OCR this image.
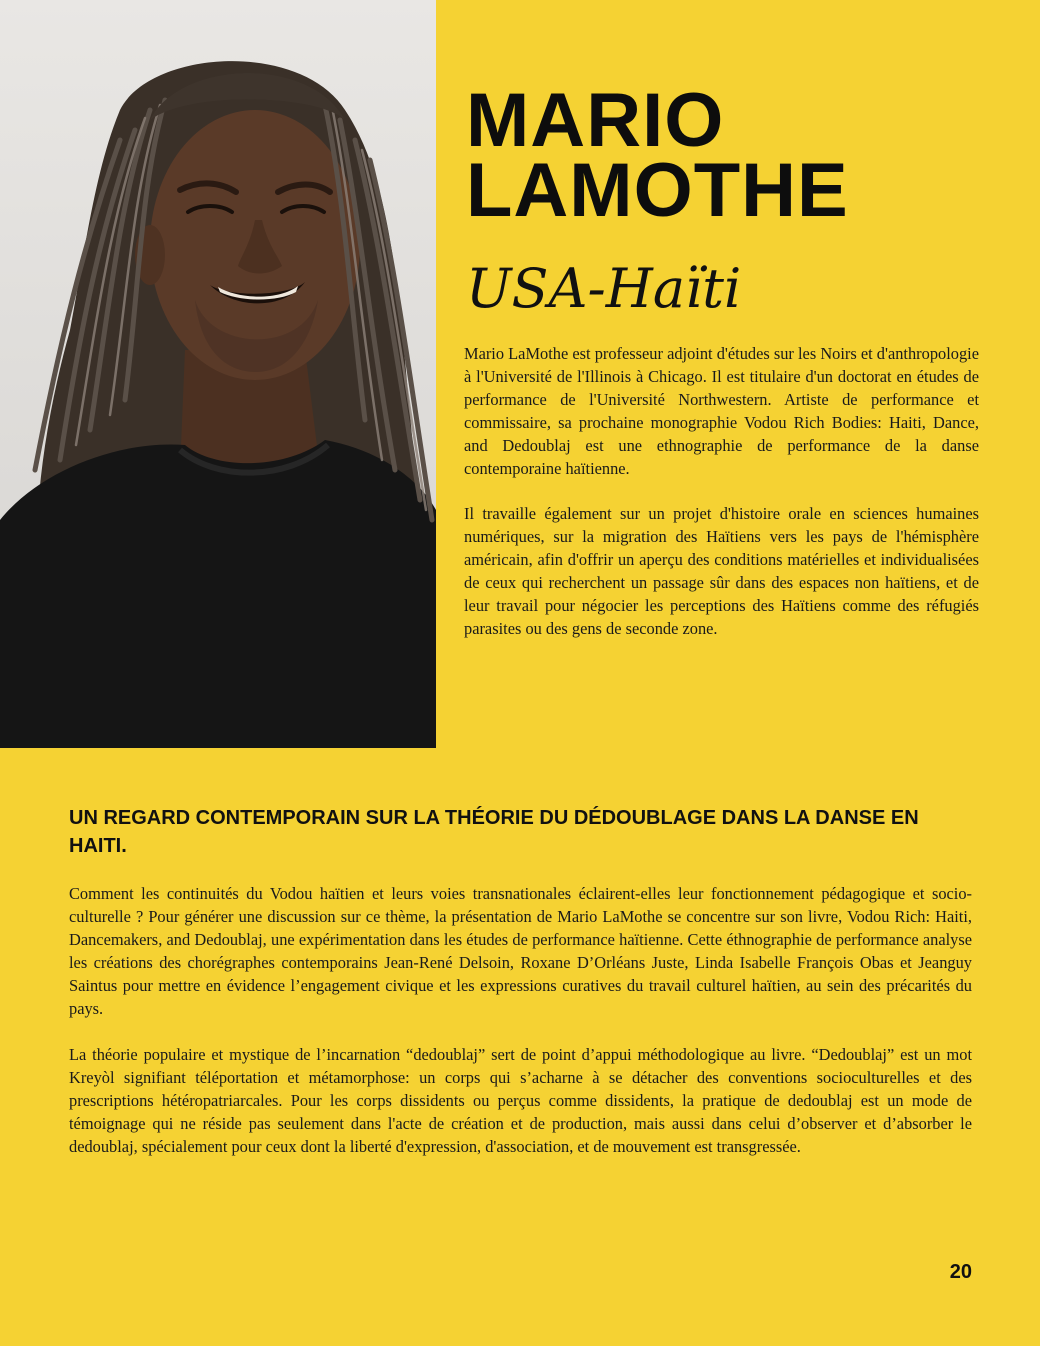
MARIO
LAMOTHE
USA-Haïti

Mario LaMothe est professeur adjoint d'études sur les Noirs et d'anthropologie à l'Université de l'Illinois à Chicago. Il est titulaire d'un doctorat en études de performance de l'Université Northwestern. Artiste de performance et commissaire, sa prochaine monographie Vodou Rich Bodies: Haiti, Dance, and Dedoublaj est une ethnographie de performance de la danse contemporaine haïtienne.

Il travaille également sur un projet d'histoire orale en sciences humaines numériques, sur la migration des Haïtiens vers les pays de l'hémisphère américain, afin d'offrir un aperçu des conditions matérielles et individualisées de ceux qui recherchent un passage sûr dans des espaces non haïtiens, et de leur travail pour négocier les perceptions des Haïtiens comme des réfugiés parasites ou des gens de seconde zone.

UN REGARD CONTEMPORAIN SUR LA THÉORIE DU DÉDOUBLAGE DANS LA DANSE EN HAITI.

Comment les continuités du Vodou haïtien et leurs voies transnationales éclairent-elles leur fonctionnement pédagogique et socio-culturelle ? Pour générer une discussion sur ce thème, la présentation de Mario LaMothe se concentre sur son livre, Vodou Rich: Haiti, Dancemakers, and Dedoublaj, une expérimentation dans les études de performance haïtienne. Cette éthnographie de performance analyse les créations des chorégraphes contemporains Jean-René Delsoin, Roxane D’Orléans Juste, Linda Isabelle François Obas et Jeanguy Saintus pour mettre en évidence l’engagement civique et les expressions curatives du travail culturel haïtien, au sein des précarités du pays.

La théorie populaire et mystique de l’incarnation “dedoublaj” sert de point d’appui méthodologique au livre. “Dedoublaj” est un mot Kreyòl signifiant téléportation et métamorphose: un corps qui s’acharne à se détacher des conventions socioculturelles et des prescriptions hétéropatriarcales. Pour les corps dissidents ou perçus comme dissidents, la pratique de dedoublaj est un mode de témoignage qui ne réside pas seulement dans l'acte de création et de production, mais aussi dans celui d’observer et d’absorber le dedoublaj, spécialement pour ceux dont la liberté d'expression, d'association, et de mouvement est transgressée.

20
